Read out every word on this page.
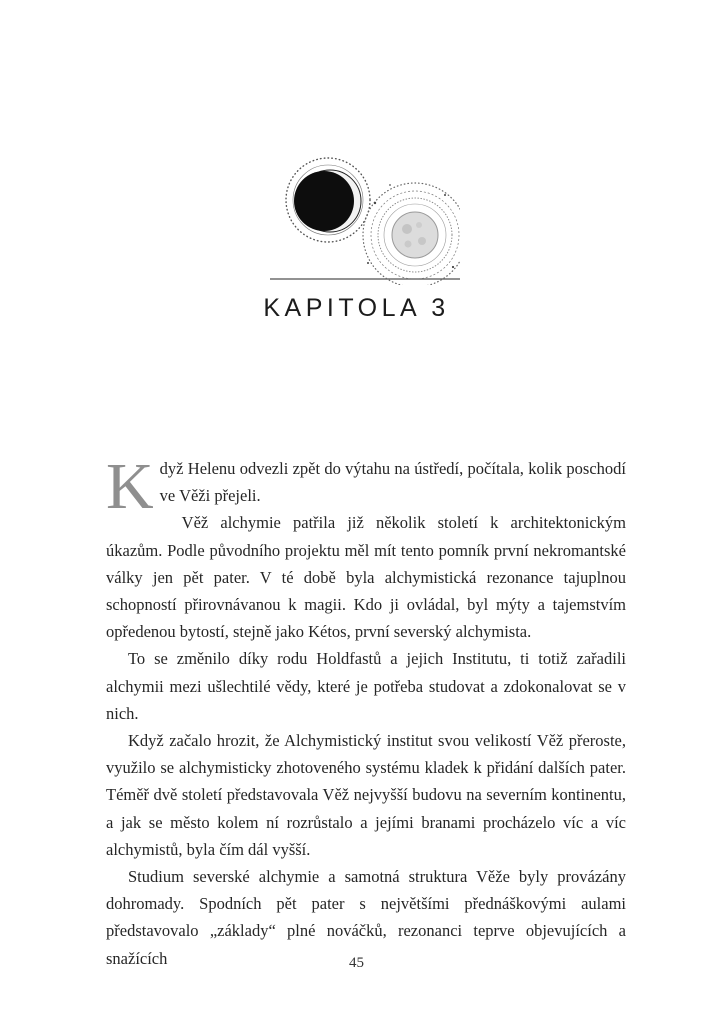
KAPITOLA 3

Když Helenu odvezli zpět do výtahu na ústředí, počítala, kolik poschodí ve Věži přejeli.

Věž alchymie patřila již několik století k architektonickým úkazům. Podle původního projektu měl mít tento pomník první nekromantské války jen pět pater. V té době byla alchymistická rezonance tajuplnou schopností přirovnávanou k magii. Kdo ji ovládal, byl mýty a tajemstvím opředenou bytostí, stejně jako Kétos, první severský alchymista.

To se změnilo díky rodu Holdfastů a jejich Institutu, ti totiž zařadili alchymii mezi ušlechtilé vědy, které je potřeba studovat a zdokonalovat se v nich.

Když začalo hrozit, že Alchymistický institut svou velikostí Věž přeroste, využilo se alchymisticky zhotoveného systému kladek k přidání dalších pater. Téměř dvě století představovala Věž nejvyšší budovu na severním kontinentu, a jak se město kolem ní rozrůstalo a jejími branami procházelo víc a víc alchymistů, byla čím dál vyšší.

Studium severské alchymie a samotná struktura Věže byly provázány dohromady. Spodních pět pater s největšími přednáškovými aulami představovalo „základy“ plné nováčků, rezonanci teprve objevujících a snažících	45
